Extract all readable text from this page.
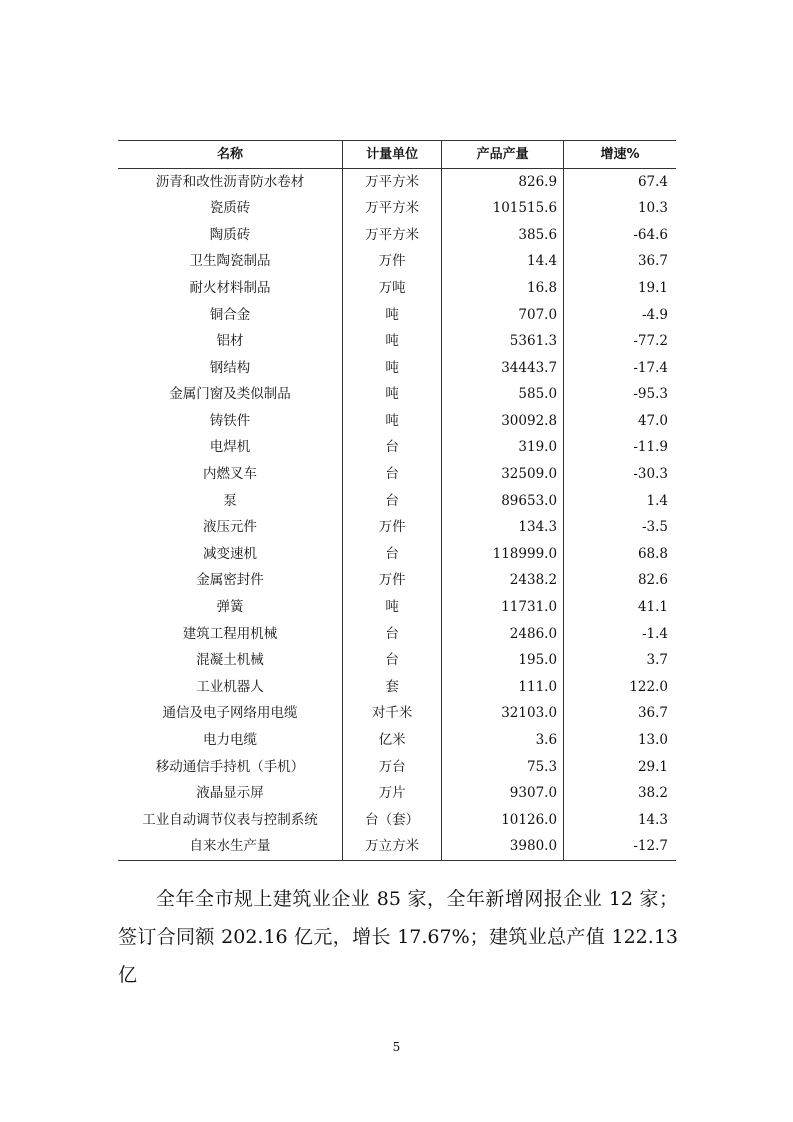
名称	计量单位	产品产量	增速%
沥青和改性沥青防水卷材	万平方米	826.9	67.4
瓷质砖	万平方米	101515.6	10.3
陶质砖	万平方米	385.6	-64.6
卫生陶瓷制品	万件	14.4	36.7
耐火材料制品	万吨	16.8	19.1
铜合金	吨	707.0	-4.9
铝材	吨	5361.3	-77.2
钢结构	吨	34443.7	-17.4
金属门窗及类似制品	吨	585.0	-95.3
铸铁件	吨	30092.8	47.0
电焊机	台	319.0	-11.9
内燃叉车	台	32509.0	-30.3
泵	台	89653.0	1.4
液压元件	万件	134.3	-3.5
减变速机	台	118999.0	68.8
金属密封件	万件	2438.2	82.6
弹簧	吨	11731.0	41.1
建筑工程用机械	台	2486.0	-1.4
混凝土机械	台	195.0	3.7
工业机器人	套	111.0	122.0
通信及电子网络用电缆	对千米	32103.0	36.7
电力电缆	亿米	3.6	13.0
移动通信手持机（手机）	万台	75.3	29.1
液晶显示屏	万片	9307.0	38.2
工业自动调节仪表与控制系统	台（套）	10126.0	14.3
自来水生产量	万立方米	3980.0	-12.7

全年全市规上建筑业企业 85 家，全年新增网报企业 12 家；签订合同额 202.16 亿元，增长 17.67%；建筑业总产值 122.13 亿

5
